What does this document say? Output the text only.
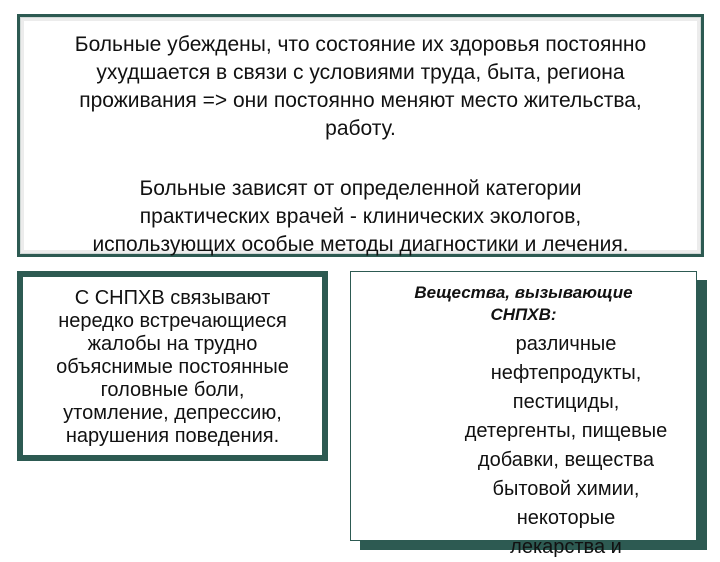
Больные убеждены, что состояние их здоровья постоянно
ухудшается в связи с условиями труда, быта, региона
проживания => они постоянно меняют место жительства,
работу.
Больные зависят от определенной категории
практических врачей - клинических экологов,
использующих особые методы диагностики и лечения.
С СНПХВ связывают
нередко встречающиеся
жалобы на трудно
объяснимые постоянные
головные боли,
утомление, депрессию,
нарушения поведения.
Вещества, вызывающие
СНПХВ:
различные
нефтепродукты,
пестициды,
детергенты, пищевые
добавки, вещества
бытовой химии,
некоторые
лекарства и
